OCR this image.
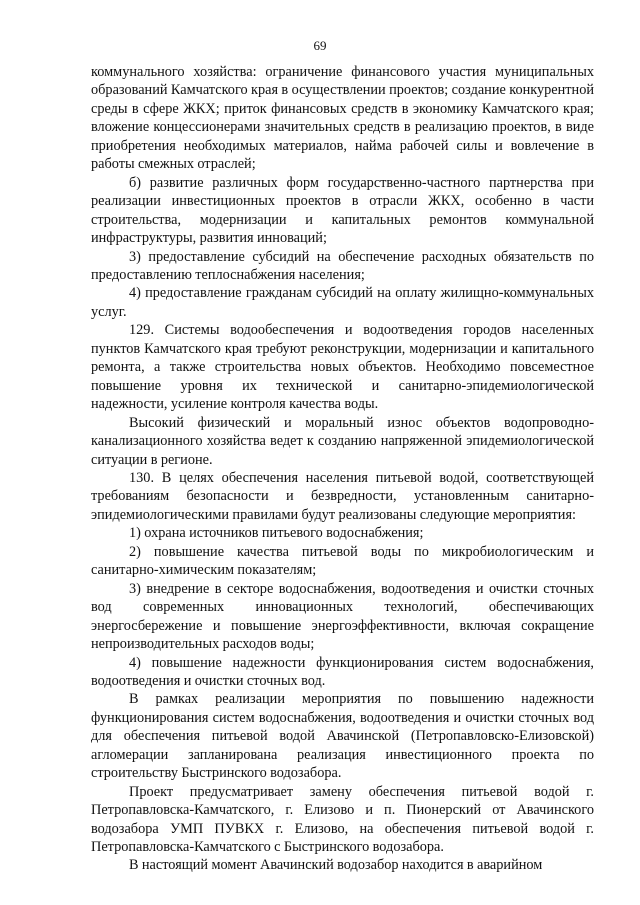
69

коммунального хозяйства: ограничение финансового участия муниципальных образований Камчатского края в осуществлении проектов; создание конкурентной среды в сфере ЖКХ; приток финансовых средств в экономику Камчатского края; вложение концессионерами значительных средств в реализацию проектов, в виде приобретения необходимых материалов, найма рабочей силы и вовлечение в работы смежных отраслей;

б) развитие различных форм государственно-частного партнерства при реализации инвестиционных проектов в отрасли ЖКХ, особенно в части строительства, модернизации и капитальных ремонтов коммунальной инфраструктуры, развития инноваций;

3) предоставление субсидий на обеспечение расходных обязательств по предоставлению теплоснабжения населения;

4) предоставление гражданам субсидий на оплату жилищно-коммунальных услуг.

129. Системы водообеспечения и водоотведения городов населенных пунктов Камчатского края требуют реконструкции, модернизации и капитального ремонта, а также строительства новых объектов. Необходимо повсеместное повышение уровня их технической и санитарно-эпидемиологической надежности, усиление контроля качества воды.

Высокий физический и моральный износ объектов водопроводно-канализационного хозяйства ведет к созданию напряженной эпидемиологической ситуации в регионе.

130. В целях обеспечения населения питьевой водой, соответствующей требованиям безопасности и безвредности, установленным санитарно-эпидемиологическими правилами будут реализованы следующие мероприятия:

1) охрана источников питьевого водоснабжения;

2) повышение качества питьевой воды по микробиологическим и санитарно-химическим показателям;

3) внедрение в секторе водоснабжения, водоотведения и очистки сточных вод современных инновационных технологий, обеспечивающих энергосбережение и повышение энергоэффективности, включая сокращение непроизводительных расходов воды;

4) повышение надежности функционирования систем водоснабжения, водоотведения и очистки сточных вод.

В рамках реализации мероприятия по повышению надежности функционирования систем водоснабжения, водоотведения и очистки сточных вод для обеспечения питьевой водой Авачинской (Петропавловско-Елизовской) агломерации запланирована реализация инвестиционного проекта по строительству Быстринского водозабора.

Проект предусматривает замену обеспечения питьевой водой г. Петропавловска-Камчатского, г. Елизово и п. Пионерский от Авачинского водозабора УМП ПУВКХ г. Елизово, на обеспечения питьевой водой г. Петропавловска-Камчатского с Быстринского водозабора.

В настоящий момент Авачинский водозабор находится в аварийном
